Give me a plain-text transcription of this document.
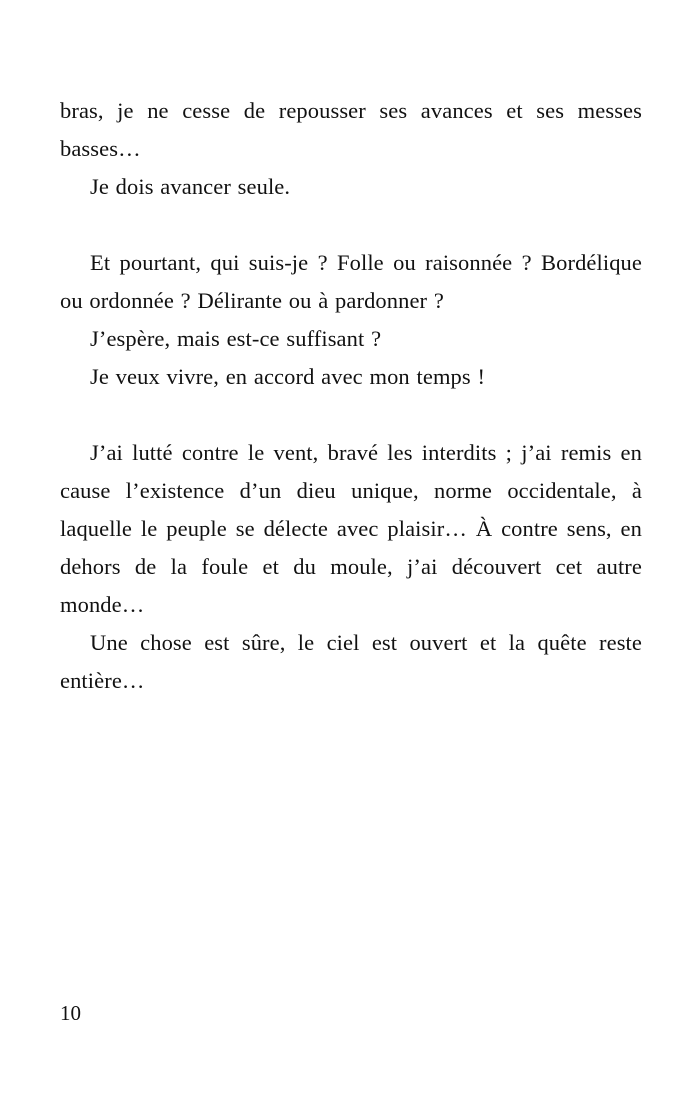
bras, je ne cesse de repousser ses avances et ses messes basses…

Je dois avancer seule.

Et pourtant, qui suis-je ? Folle ou raisonnée ? Bordélique ou ordonnée ? Délirante ou à pardonner ?

J’espère, mais est-ce suffisant ?

Je veux vivre, en accord avec mon temps !

J’ai lutté contre le vent, bravé les interdits ; j’ai remis en cause l’existence d’un dieu unique, norme occidentale, à laquelle le peuple se délecte avec plaisir… À contre sens, en dehors de la foule et du moule, j’ai découvert cet autre monde…

Une chose est sûre, le ciel est ouvert et la quête reste entière…

10
